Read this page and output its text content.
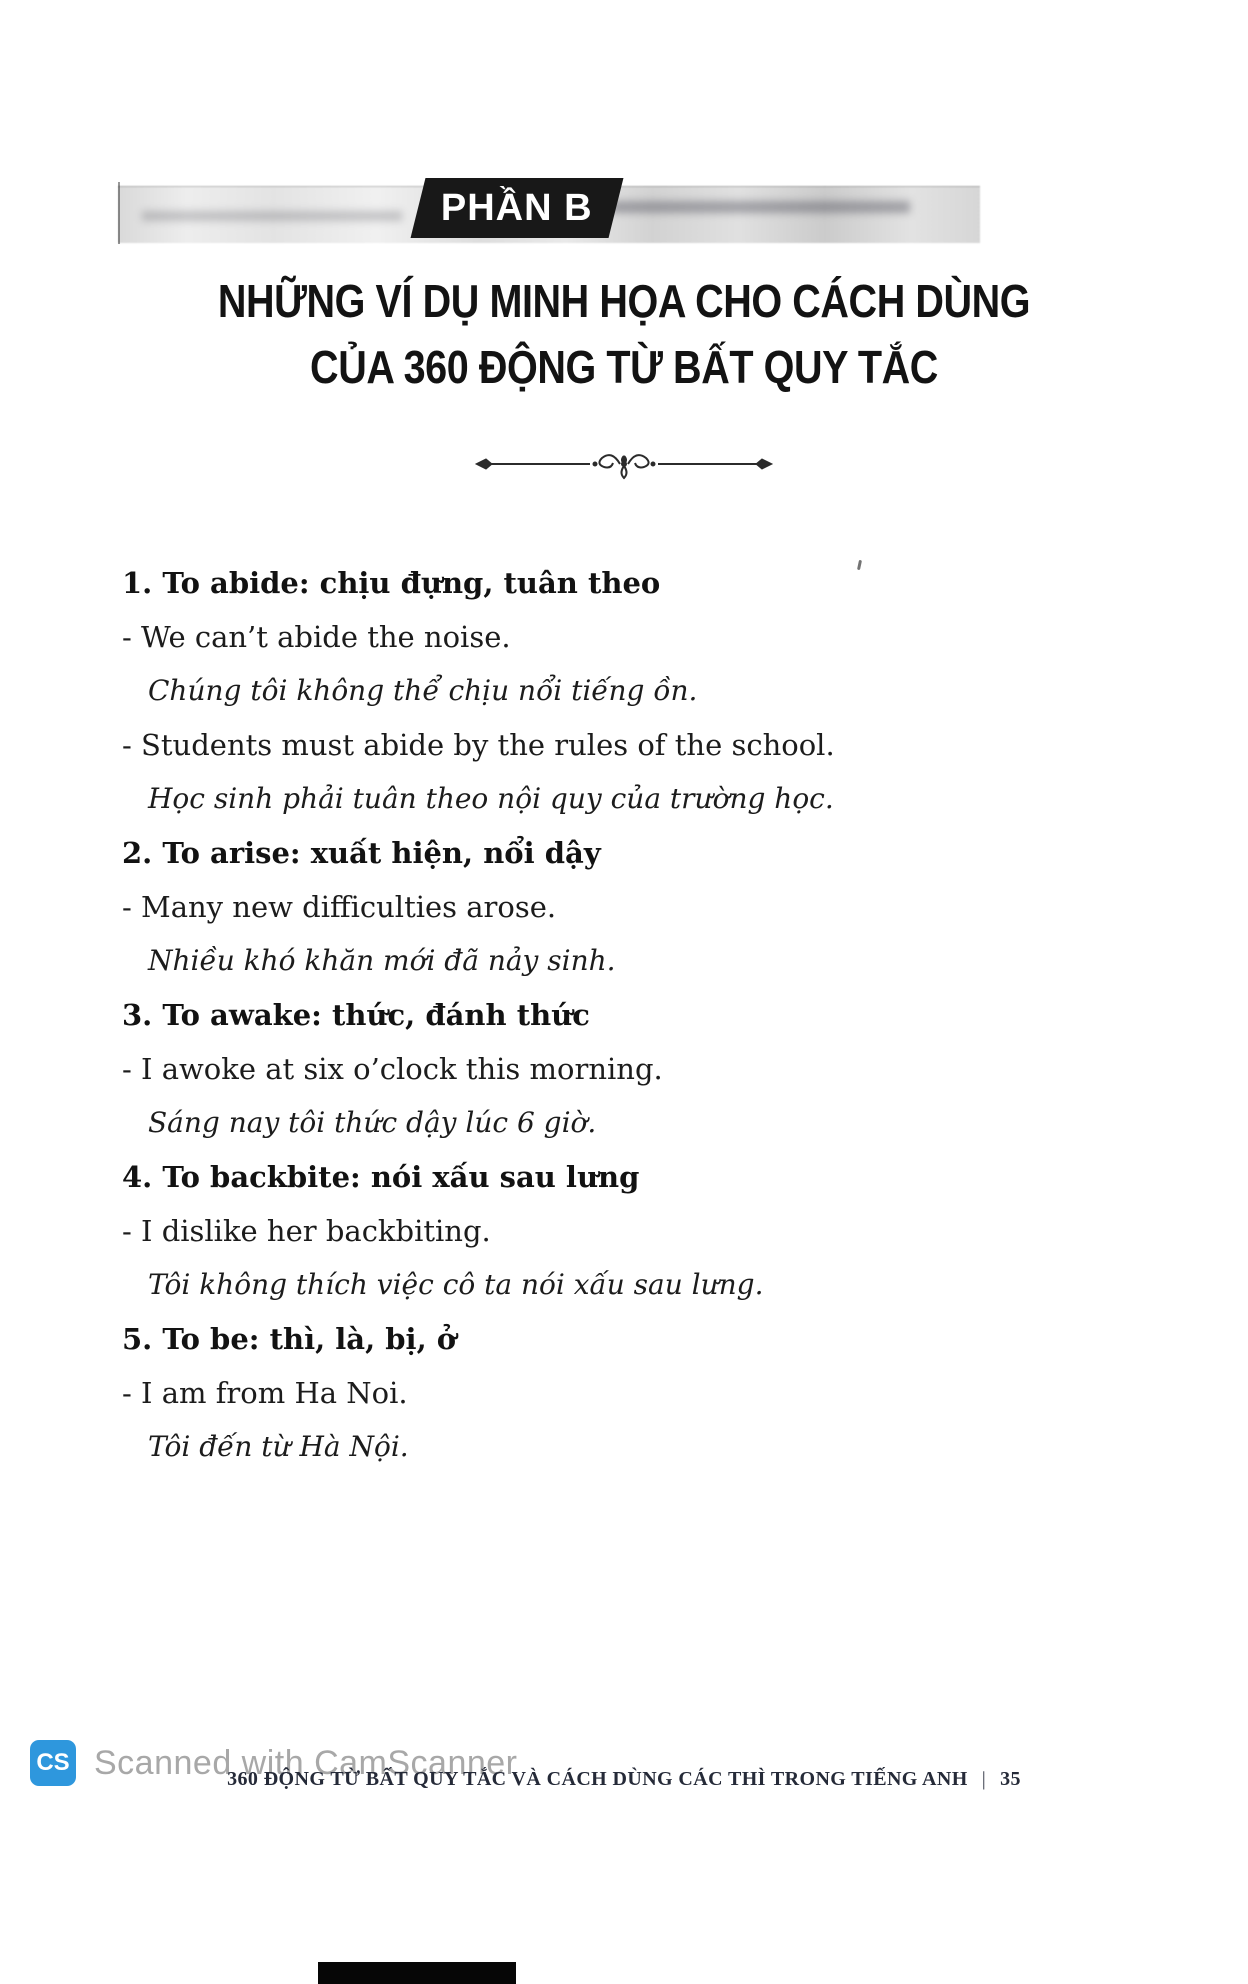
PHẦN B
NHỮNG VÍ DỤ MINH HỌA CHO CÁCH DÙNG
CỦA 360 ĐỘNG TỪ BẤT QUY TẮC

1. To abide: chịu đựng, tuân theo

- We can’t abide the noise.

Chúng tôi không thể chịu nổi tiếng ồn.

- Students must abide by the rules of the school.

Học sinh phải tuân theo nội quy của trường học.

2. To arise: xuất hiện, nổi dậy

- Many new difficulties arose.

Nhiều khó khăn mới đã nảy sinh.

3. To awake: thức, đánh thức

- I awoke at six o’clock this morning.

Sáng nay tôi thức dậy lúc 6 giờ.

4. To backbite: nói xấu sau lưng

- I dislike her backbiting.

Tôi không thích việc cô ta nói xấu sau lưng.

5. To be: thì, là, bị, ở

- I am from Ha Noi.

Tôi đến từ Hà Nội.

360 ĐỘNG TỪ BẤT QUY TẮC VÀ CÁCH DÙNG CÁC THÌ TRONG TIẾNG ANH | 35
CS Scanned with CamScanner
